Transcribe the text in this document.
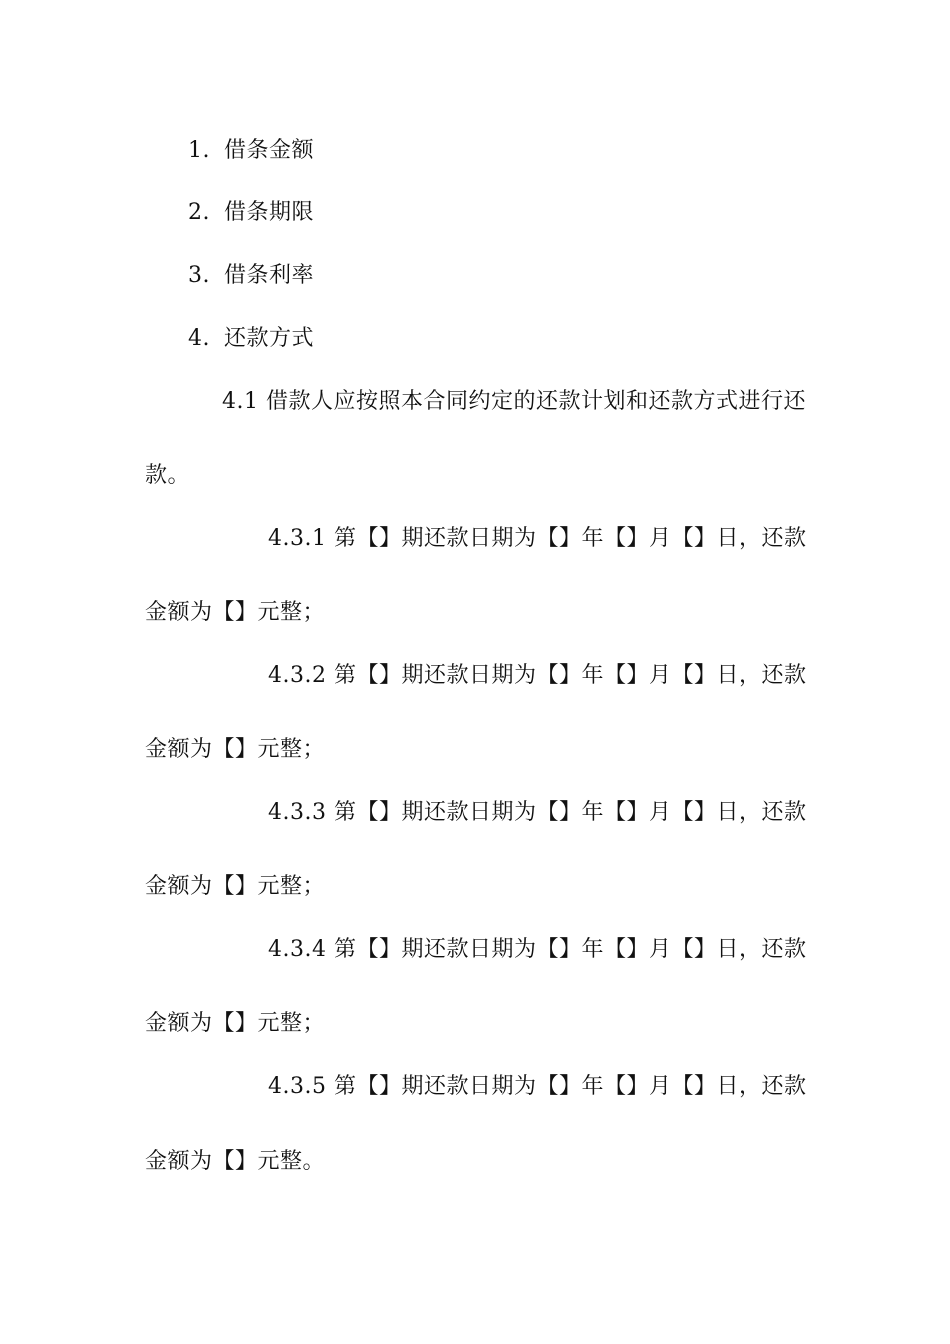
1. 借条金额
2. 借条期限
3. 借条利率
4. 还款方式
4.1 借款人应按照本合同约定的还款计划和还款方式进行还
款。
4.3.1 第【】期还款日期为【】年【】月【】日，还款
金额为【】元整；
4.3.2 第【】期还款日期为【】年【】月【】日，还款
金额为【】元整；
4.3.3 第【】期还款日期为【】年【】月【】日，还款
金额为【】元整；
4.3.4 第【】期还款日期为【】年【】月【】日，还款
金额为【】元整；
4.3.5 第【】期还款日期为【】年【】月【】日，还款
金额为【】元整。
